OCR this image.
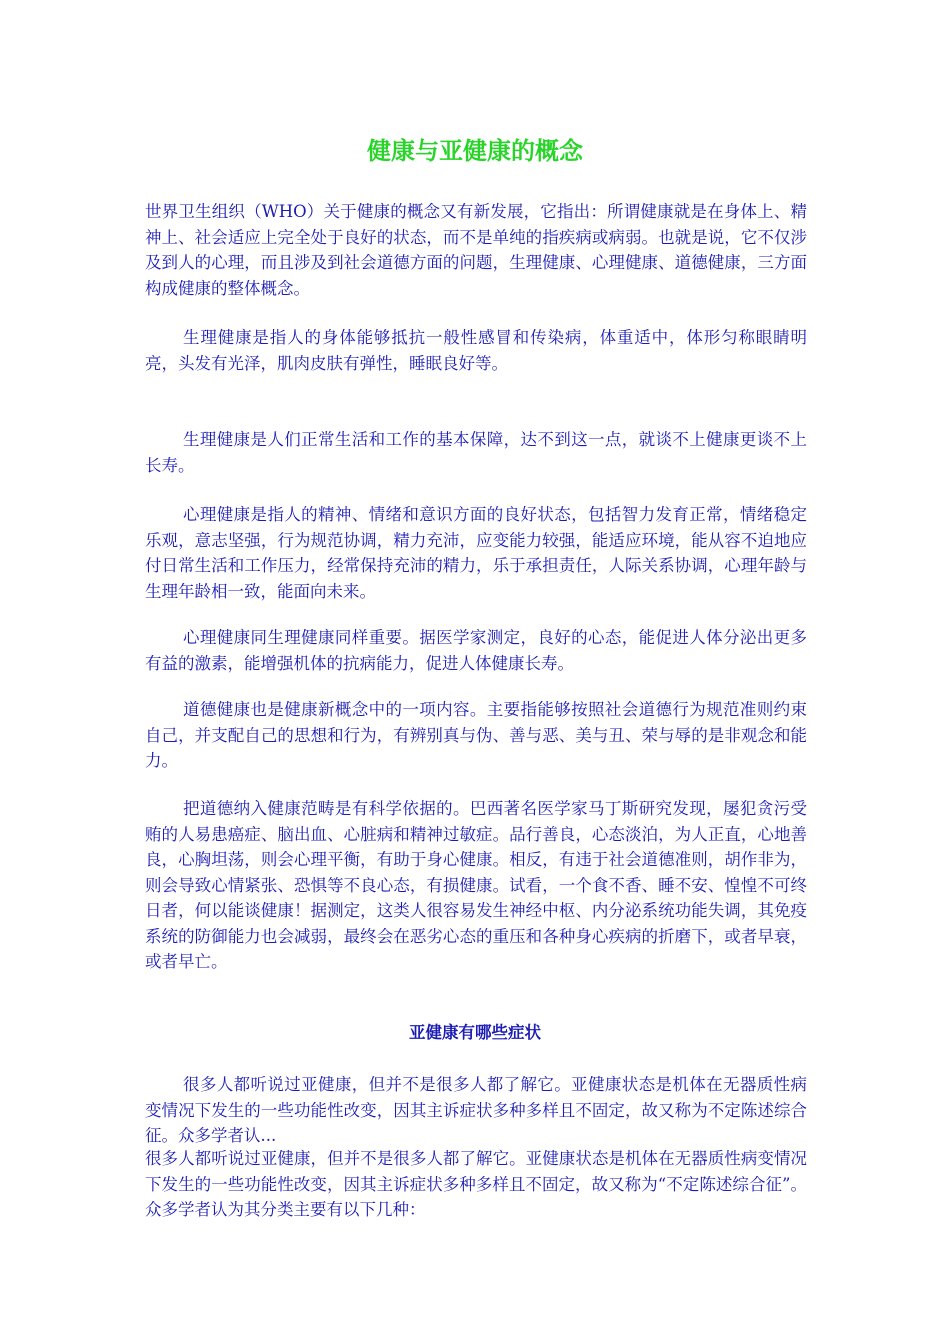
健康与亚健康的概念

世界卫生组织（WHO）关于健康的概念又有新发展，它指出：所谓健康就是在身体上、精神上、社会适应上完全处于良好的状态，而不是单纯的指疾病或病弱。也就是说，它不仅涉及到人的心理，而且涉及到社会道德方面的问题，生理健康、心理健康、道德健康，三方面构成健康的整体概念。

生理健康是指人的身体能够抵抗一般性感冒和传染病，体重适中，体形匀称眼睛明亮，头发有光泽，肌肉皮肤有弹性，睡眠良好等。

生理健康是人们正常生活和工作的基本保障，达不到这一点，就谈不上健康更谈不上长寿。

心理健康是指人的精神、情绪和意识方面的良好状态，包括智力发育正常，情绪稳定乐观，意志坚强，行为规范协调，精力充沛，应变能力较强，能适应环境，能从容不迫地应付日常生活和工作压力，经常保持充沛的精力，乐于承担责任，人际关系协调，心理年龄与生理年龄相一致，能面向未来。

心理健康同生理健康同样重要。据医学家测定，良好的心态，能促进人体分泌出更多有益的激素，能增强机体的抗病能力，促进人体健康长寿。

道德健康也是健康新概念中的一项内容。主要指能够按照社会道德行为规范准则约束自己，并支配自己的思想和行为，有辨别真与伪、善与恶、美与丑、荣与辱的是非观念和能力。

把道德纳入健康范畴是有科学依据的。巴西著名医学家马丁斯研究发现，屡犯贪污受贿的人易患癌症、脑出血、心脏病和精神过敏症。品行善良，心态淡泊，为人正直，心地善良，心胸坦荡，则会心理平衡，有助于身心健康。相反，有违于社会道德准则，胡作非为，则会导致心情紧张、恐惧等不良心态，有损健康。试看，一个食不香、睡不安、惶惶不可终日者，何以能谈健康！据测定，这类人很容易发生神经中枢、内分泌系统功能失调，其免疫系统的防御能力也会减弱，最终会在恶劣心态的重压和各种身心疾病的折磨下，或者早衰，或者早亡。

亚健康有哪些症状

很多人都听说过亚健康，但并不是很多人都了解它。亚健康状态是机体在无器质性病变情况下发生的一些功能性改变，因其主诉症状多种多样且不固定，故又称为不定陈述综合征。众多学者认...

很多人都听说过亚健康，但并不是很多人都了解它。亚健康状态是机体在无器质性病变情况下发生的一些功能性改变，因其主诉症状多种多样且不固定，故又称为“不定陈述综合征”。众多学者认为其分类主要有以下几种：
